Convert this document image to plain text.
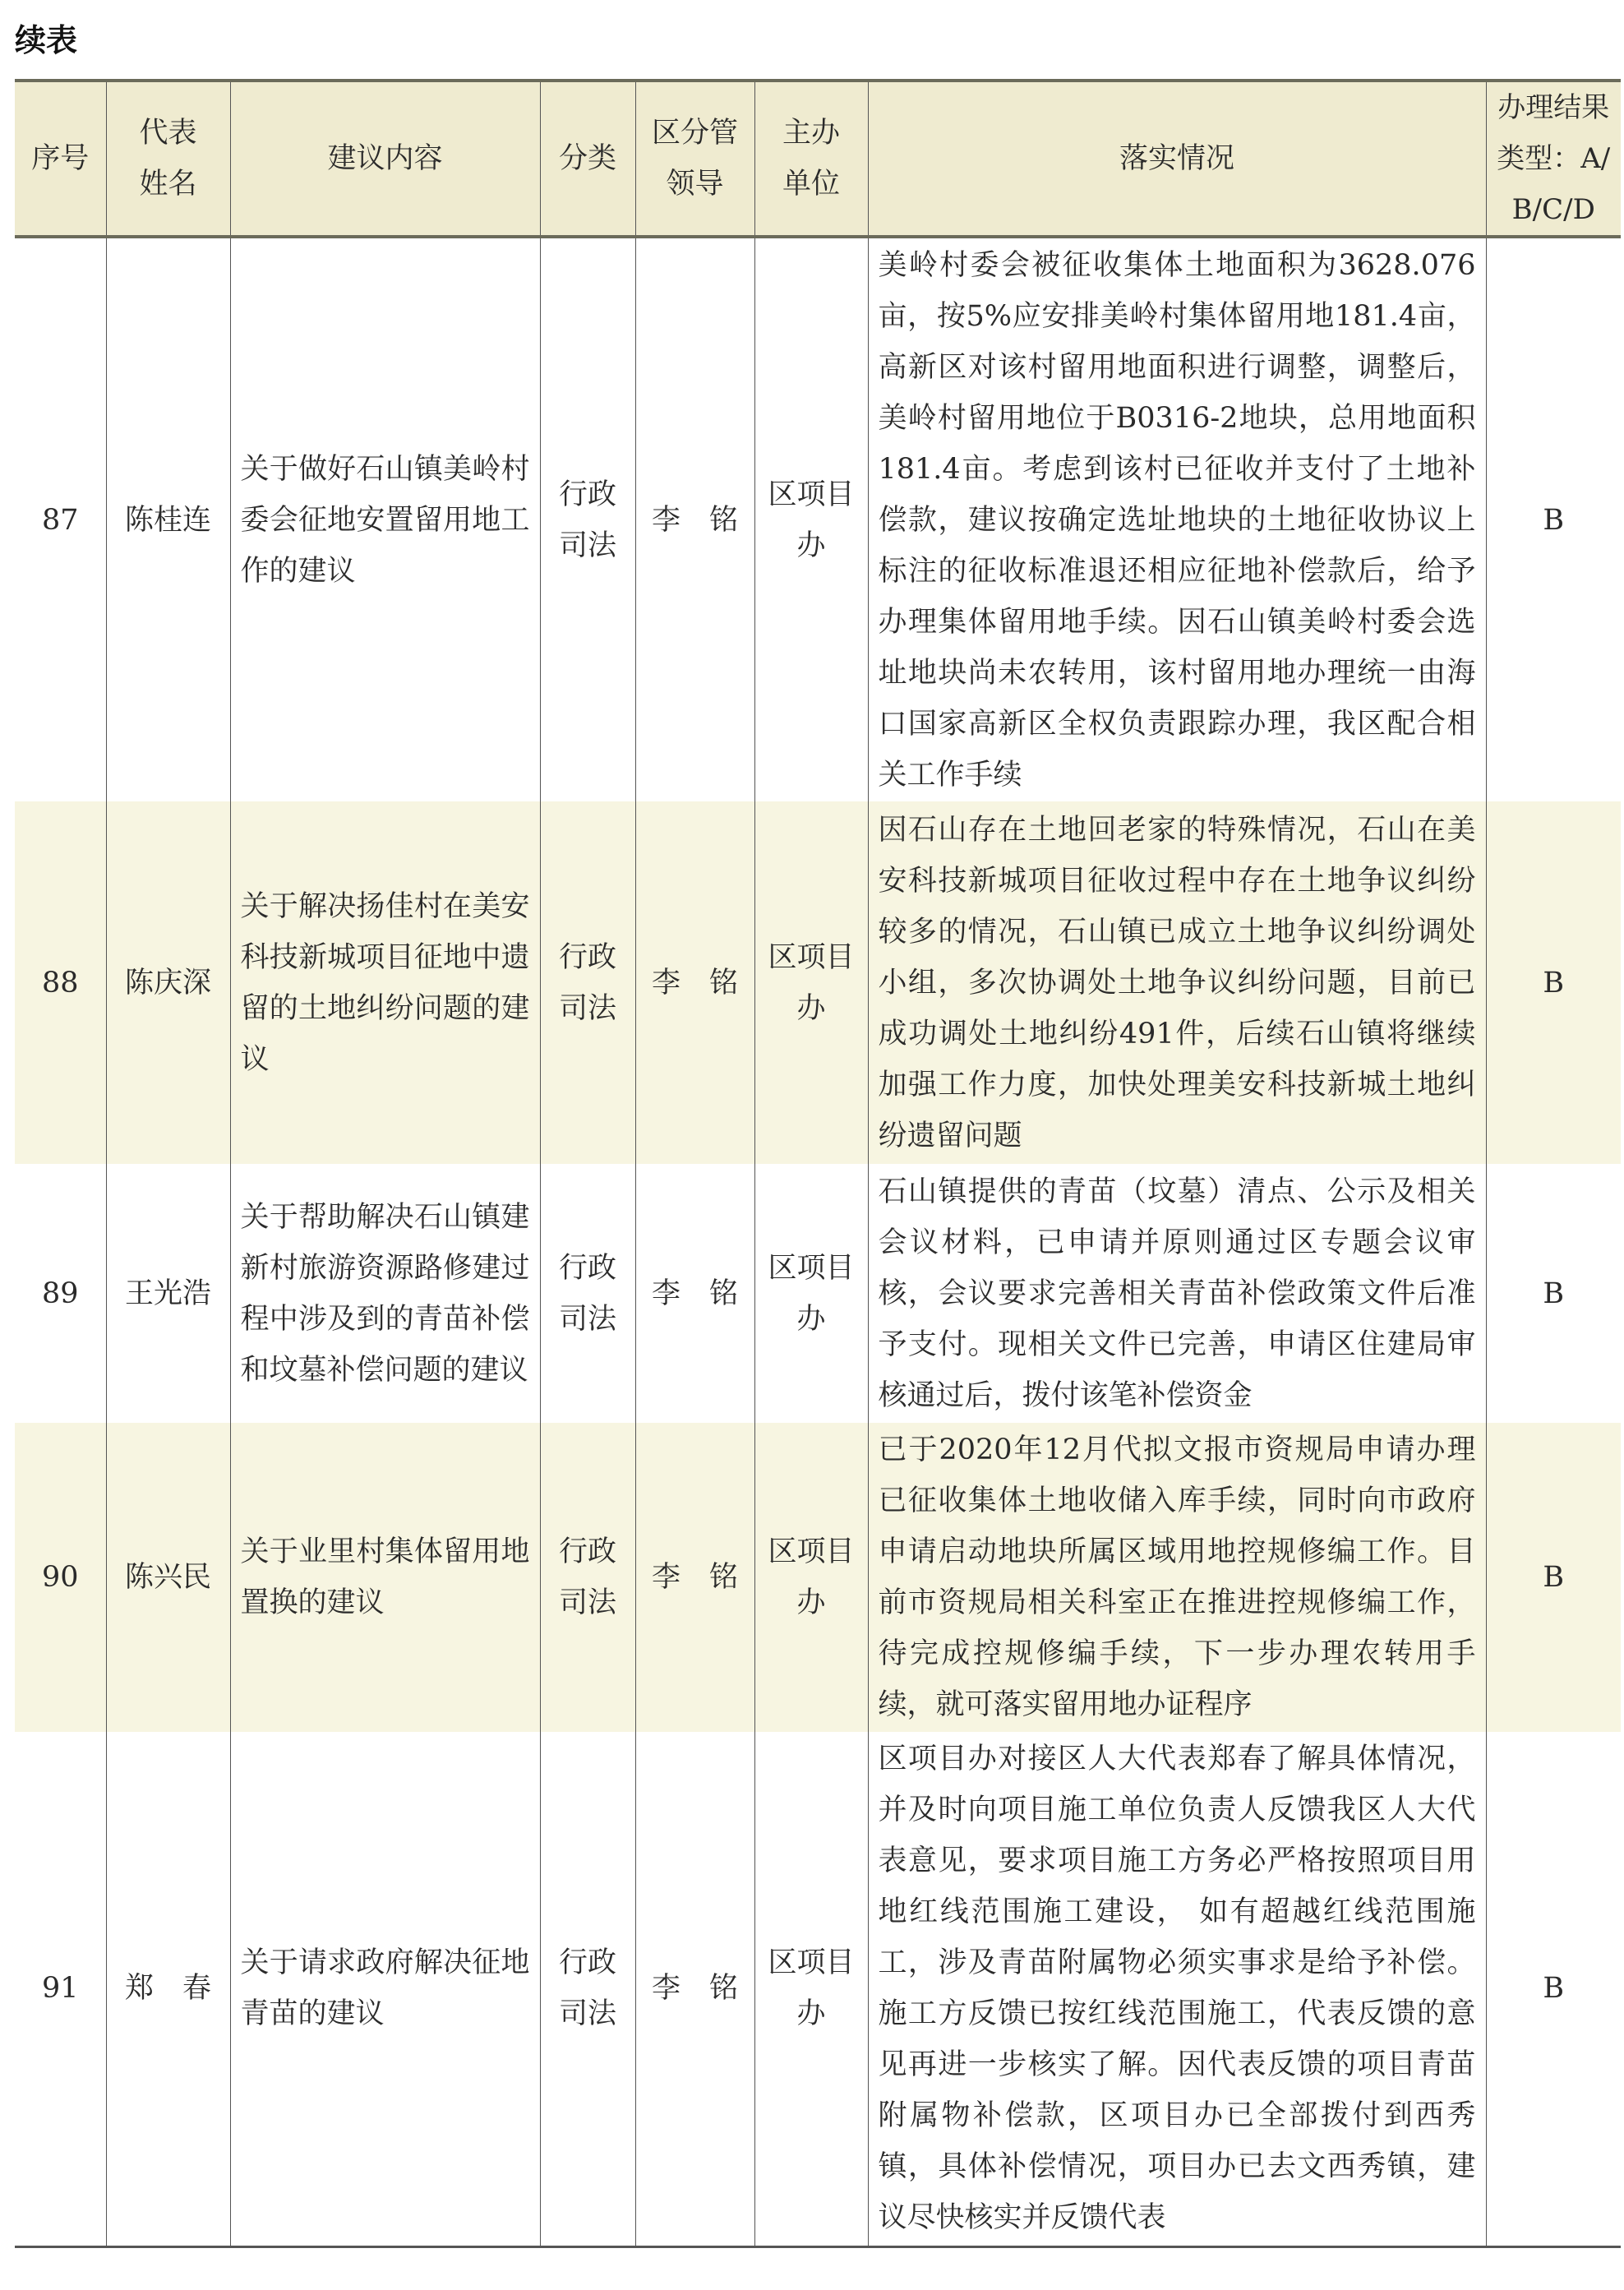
续表
序号	代表姓名	建议内容	分类	区分管领导	主办单位	落实情况	办理结果类型：A/B/C/D
87	陈桂连	关于做好石山镇美岭村委会征地安置留用地工作的建议	行政司法	李　铭	区项目办	美岭村委会被征收集体土地面积为3628.076亩，按5%应安排美岭村集体留用地181.4亩，高新区对该村留用地面积进行调整，调整后，美岭村留用地位于B0316-2地块，总用地面积181.4亩。考虑到该村已征收并支付了土地补偿款，建议按确定选址地块的土地征收协议上标注的征收标准退还相应征地补偿款后，给予办理集体留用地手续。因石山镇美岭村委会选址地块尚未农转用，该村留用地办理统一由海口国家高新区全权负责跟踪办理，我区配合相关工作手续	B
88	陈庆深	关于解决扬佳村在美安科技新城项目征地中遗留的土地纠纷问题的建议	行政司法	李　铭	区项目办	因石山存在土地回老家的特殊情况，石山在美安科技新城项目征收过程中存在土地争议纠纷较多的情况，石山镇已成立土地争议纠纷调处小组，多次协调处土地争议纠纷问题，目前已成功调处土地纠纷491件，后续石山镇将继续加强工作力度，加快处理美安科技新城土地纠纷遗留问题	B
89	王光浩	关于帮助解决石山镇建新村旅游资源路修建过程中涉及到的青苗补偿和坟墓补偿问题的建议	行政司法	李　铭	区项目办	石山镇提供的青苗（坟墓）清点、公示及相关会议材料，已申请并原则通过区专题会议审核，会议要求完善相关青苗补偿政策文件后准予支付。现相关文件已完善，申请区住建局审核通过后，拨付该笔补偿资金	B
90	陈兴民	关于业里村集体留用地置换的建议	行政司法	李　铭	区项目办	已于2020年12月代拟文报市资规局申请办理已征收集体土地收储入库手续，同时向市政府申请启动地块所属区域用地控规修编工作。目前市资规局相关科室正在推进控规修编工作，待完成控规修编手续，下一步办理农转用手续，就可落实留用地办证程序	B
91	郑　春	关于请求政府解决征地青苗的建议	行政司法	李　铭	区项目办	区项目办对接区人大代表郑春了解具体情况，并及时向项目施工单位负责人反馈我区人大代表意见，要求项目施工方务必严格按照项目用地红线范围施工建设， 如有超越红线范围施工，涉及青苗附属物必须实事求是给予补偿。施工方反馈已按红线范围施工，代表反馈的意见再进一步核实了解。因代表反馈的项目青苗附属物补偿款，区项目办已全部拨付到西秀镇，具体补偿情况，项目办已去文西秀镇，建议尽快核实并反馈代表	B
